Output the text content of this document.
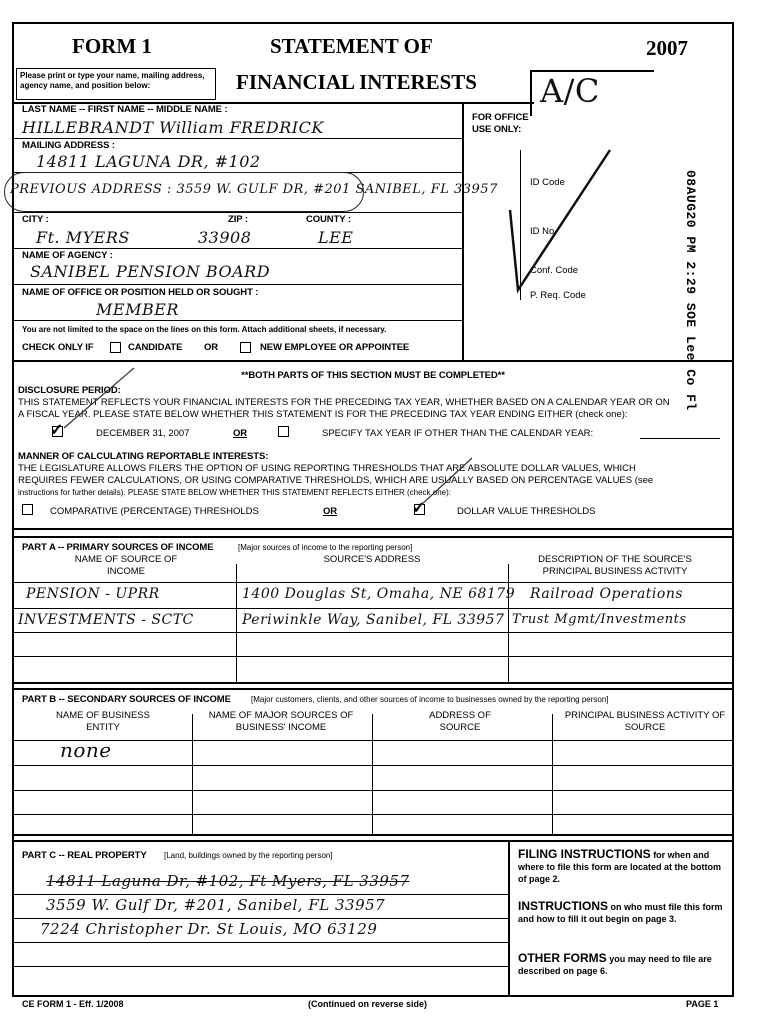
FORM 1	STATEMENT OF	2007
Please print or type your name, mailing address, agency name, and position below:	FINANCIAL INTERESTS A/C
LAST NAME -- FIRST NAME -- MIDDLE NAME :
HILLEBRANDT William FREDRICK
MAILING ADDRESS :
14811 LAGUNA DR, #102
PREVIOUS ADDRESS : 3559 W. GULF DR, #201 SANIBEL, FL 33957
CITY :	ZIP :	COUNTY :
Ft. MYERS	33908	LEE
NAME OF AGENCY :
SANIBEL PENSION BOARD
NAME OF OFFICE OR POSITION HELD OR SOUGHT :
MEMBER
You are not limited to the space on the lines on this form. Attach additional sheets, if necessary.
CHECK ONLY IF	CANDIDATE OR	NEW EMPLOYEE OR APPOINTEE
FOR OFFICE USE ONLY:
ID Code
ID No
Conf. Code
P. Req. Code	08AUG20 PM 2:29 SOE Lee Co Fl
**BOTH PARTS OF THIS SECTION MUST BE COMPLETED**
DISCLOSURE PERIOD:
THIS STATEMENT REFLECTS YOUR FINANCIAL INTERESTS FOR THE PRECEDING TAX YEAR, WHETHER BASED ON A CALENDAR YEAR OR ON
A FISCAL YEAR. PLEASE STATE BELOW WHETHER THIS STATEMENT IS FOR THE PRECEDING TAX YEAR ENDING EITHER (check one):
✓	DECEMBER 31, 2007	OR	SPECIFY TAX YEAR IF OTHER THAN THE CALENDAR YEAR:
MANNER OF CALCULATING REPORTABLE INTERESTS:
THE LEGISLATURE ALLOWS FILERS THE OPTION OF USING REPORTING THRESHOLDS THAT ARE ABSOLUTE DOLLAR VALUES, WHICH
REQUIRES FEWER CALCULATIONS, OR USING COMPARATIVE THRESHOLDS, WHICH ARE USUALLY BASED ON PERCENTAGE VALUES (see
instructions for further details). PLEASE STATE BELOW WHETHER THIS STATEMENT REFLECTS EITHER (check one):
COMPARATIVE (PERCENTAGE) THRESHOLDS	OR	✓	DOLLAR VALUE THRESHOLDS
PART A -- PRIMARY SOURCES OF INCOME	[Major sources of income to the reporting person]
NAME OF SOURCE OF INCOME
SOURCE'S ADDRESS	DESCRIPTION OF THE SOURCE'S PRINCIPAL BUSINESS ACTIVITY
PENSION - UPRR	1400 Douglas St, Omaha, NE 68179 Railroad Operations
INVESTMENTS - SCTC	Periwinkle Way, Sanibel, FL 33957 Trust Mgmt/Investments
PART B -- SECONDARY SOURCES OF INCOME	[Major customers, clients, and other sources of income to businesses owned by the reporting person]
NAME OF BUSINESS ENTITY
NAME OF MAJOR SOURCES OF BUSINESS' INCOME
ADDRESS OF SOURCE
PRINCIPAL BUSINESS ACTIVITY OF SOURCE
none
PART C -- REAL PROPERTY [Land, buildings owned by the reporting person]
14811 Laguna Dr, #102, Ft Myers, FL 33957
3559 W. Gulf Dr, #201, Sanibel, FL 33957
7224 Christopher Dr. St Louis, MO 63129
FILING INSTRUCTIONS for when and where to file this form are located at the bottom of page 2.
INSTRUCTIONS on who must file this form and how to fill it out begin on page 3.
OTHER FORMS you may need to file are described on page 6.
CE FORM 1 - Eff. 1/2008	(Continued on reverse side)	PAGE 1
